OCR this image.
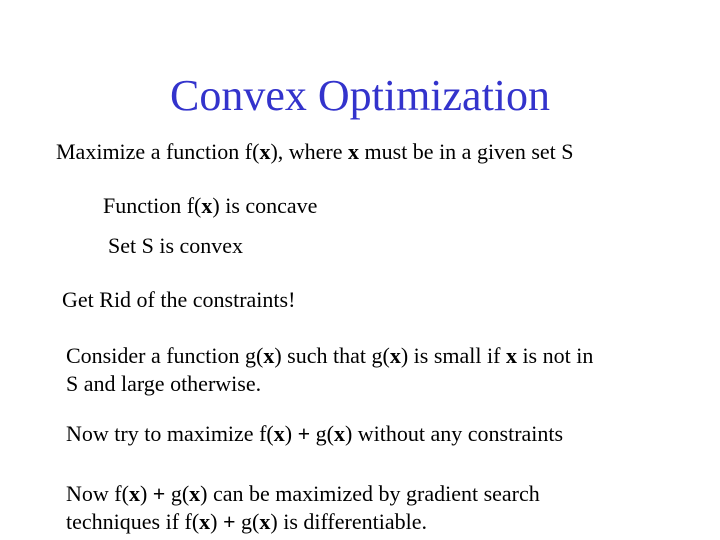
Convex Optimization
Maximize a function f(x), where x must be in a given set S
Function f(x) is concave
Set S is convex
Get Rid of the constraints!
Consider a function g(x) such that g(x) is small if x is not in
S and large otherwise.
Now try to maximize f(x) + g(x) without any constraints
Now f(x) + g(x) can be maximized by gradient search
techniques if f(x) + g(x) is differentiable.
